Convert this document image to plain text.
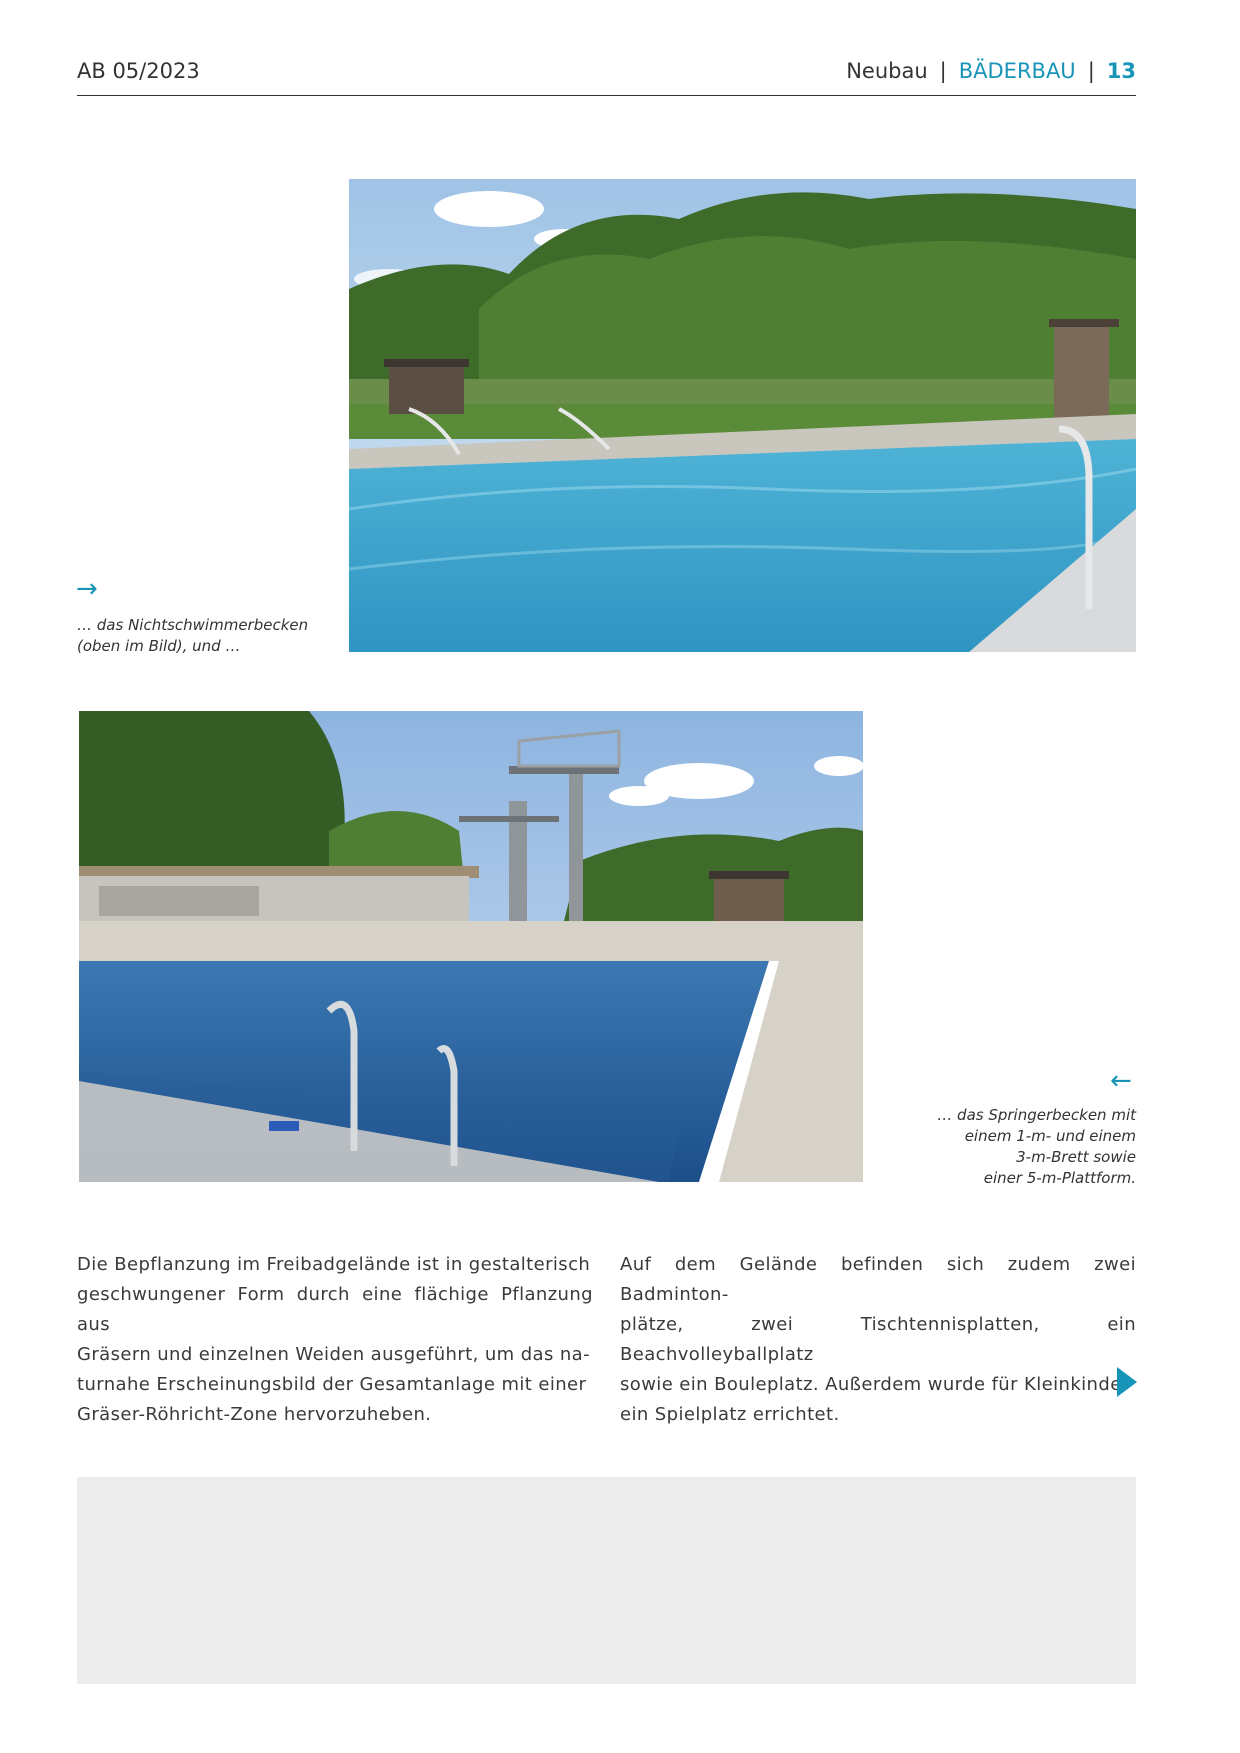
AB 05/2023	Neubau | BÄDERBAU | 13
→
… das Nichtschwimmerbecken
(oben im Bild), und …
←
… das Springerbecken mit
einem 1-m- und einem
3-m-Brett sowie
einer 5-m-Plattform.
Die Bepflanzung im Freibadgelände ist in gestalterisch
geschwungener Form durch eine flächige Pflanzung aus
Gräsern und einzelnen Weiden ausgeführt, um das na-
turnahe Erscheinungsbild der Gesamtanlage mit einer
Gräser-Röhricht-Zone hervorzuheben.
Auf dem Gelände befinden sich zudem zwei Badminton-
plätze, zwei Tischtennisplatten, ein Beachvolleyballplatz
sowie ein Bouleplatz. Außerdem wurde für Kleinkinder
ein Spielplatz errichtet.
